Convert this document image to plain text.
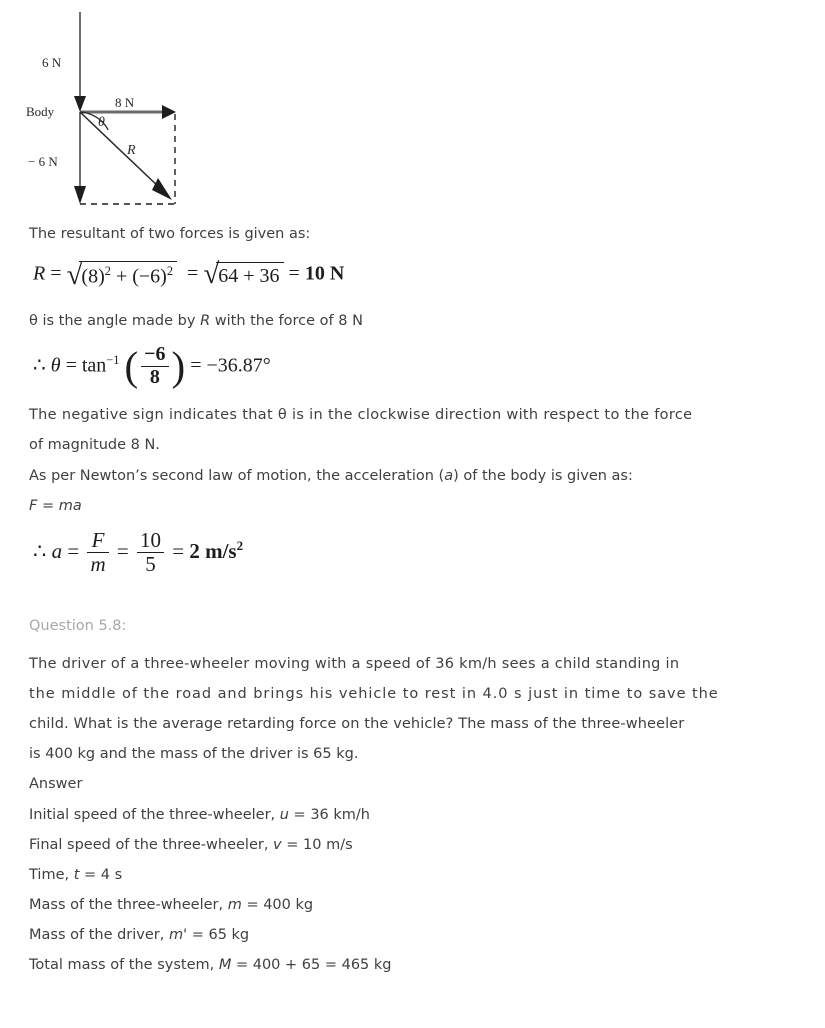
6 N
− 6 N
8 N
Body
θ
R
The resultant of two forces is given as:
$R = √(8)^2 + (-6)^2 = √64 + 36 = 10$ N
θ is the angle made by R with the force of 8 N
∴ $\theta = \tan^{-1}$ ( $\frac{-6}{8}$ ) = −36.87°
The negative sign indicates that θ is in the clockwise direction with respect to the force
of magnitude 8 N.
As per Newton’s second law of motion, the acceleration (a) of the body is given as:
F = ma
∴ $a = \frac{F}{m} = \frac{10}{5} = 2$ $m/s^2$
Question 5.8:
The driver of a three-wheeler moving with a speed of 36 km/h sees a child standing in
the middle of the road and brings his vehicle to rest in 4.0 s just in time to save the
child. What is the average retarding force on the vehicle? The mass of the three-wheeler
is 400 kg and the mass of the driver is 65 kg.
Answer
Initial speed of the three-wheeler, u = 36 km/h
Final speed of the three-wheeler, v = 10 m/s
Time, t = 4 s
Mass of the three-wheeler, m = 400 kg
Mass of the driver, m' = 65 kg
Total mass of the system, M = 400 + 65 = 465 kg
